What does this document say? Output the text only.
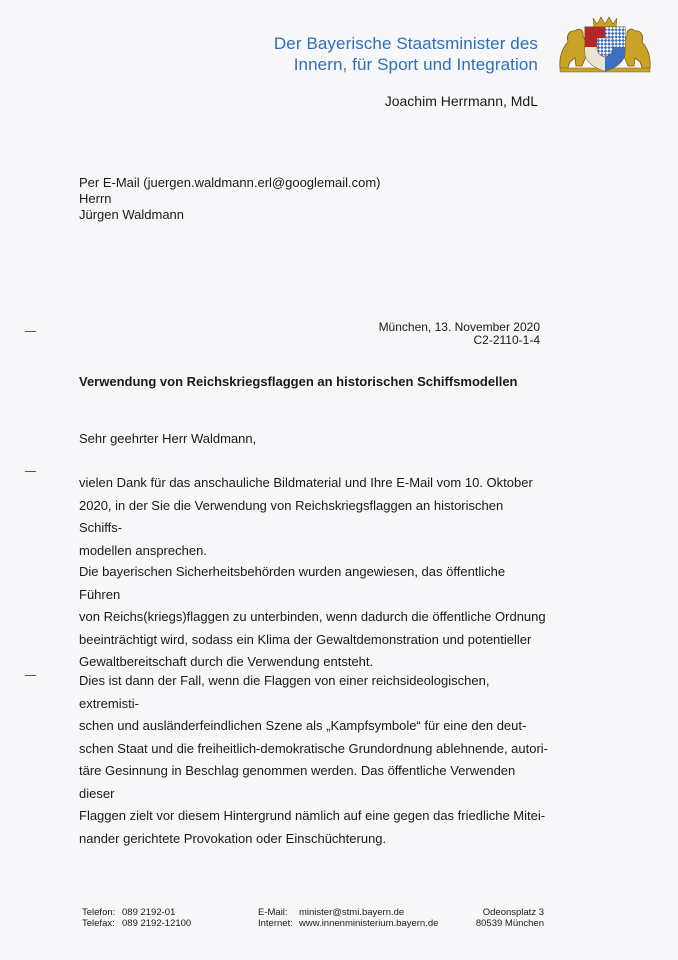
Der Bayerische Staatsminister des
Innern, für Sport und Integration
Joachim Herrmann, MdL
Per E-Mail (juergen.waldmann.erl@googlemail.com)
Herrn
Jürgen Waldmann
München, 13. November 2020
C2-2110-1-4
Verwendung von Reichskriegsflaggen an historischen Schiffsmodellen
Sehr geehrter Herr Waldmann,
vielen Dank für das anschauliche Bildmaterial und Ihre E-Mail vom 10. Oktober
2020, in der Sie die Verwendung von Reichskriegsflaggen an historischen Schiffs-
modellen ansprechen.
Die bayerischen Sicherheitsbehörden wurden angewiesen, das öffentliche Führen
von Reichs(kriegs)flaggen zu unterbinden, wenn dadurch die öffentliche Ordnung
beeinträchtigt wird, sodass ein Klima der Gewaltdemonstration und potentieller
Gewaltbereitschaft durch die Verwendung entsteht.
Dies ist dann der Fall, wenn die Flaggen von einer reichsideologischen, extremisti-
schen und ausländerfeindlichen Szene als „Kampfsymbole“ für eine den deut-
schen Staat und die freiheitlich-demokratische Grundordnung ablehnende, autori-
täre Gesinnung in Beschlag genommen werden. Das öffentliche Verwenden dieser
Flaggen zielt vor diesem Hintergrund nämlich auf eine gegen das friedliche Mitei-
nander gerichtete Provokation oder Einschüchterung.
Telefon: 089 2192-01
Telefax: 089 2192-12100
E-Mail: minister@stmi.bayern.de
Internet: www.innenministerium.bayern.de
Odeonsplatz 3
80539 München
